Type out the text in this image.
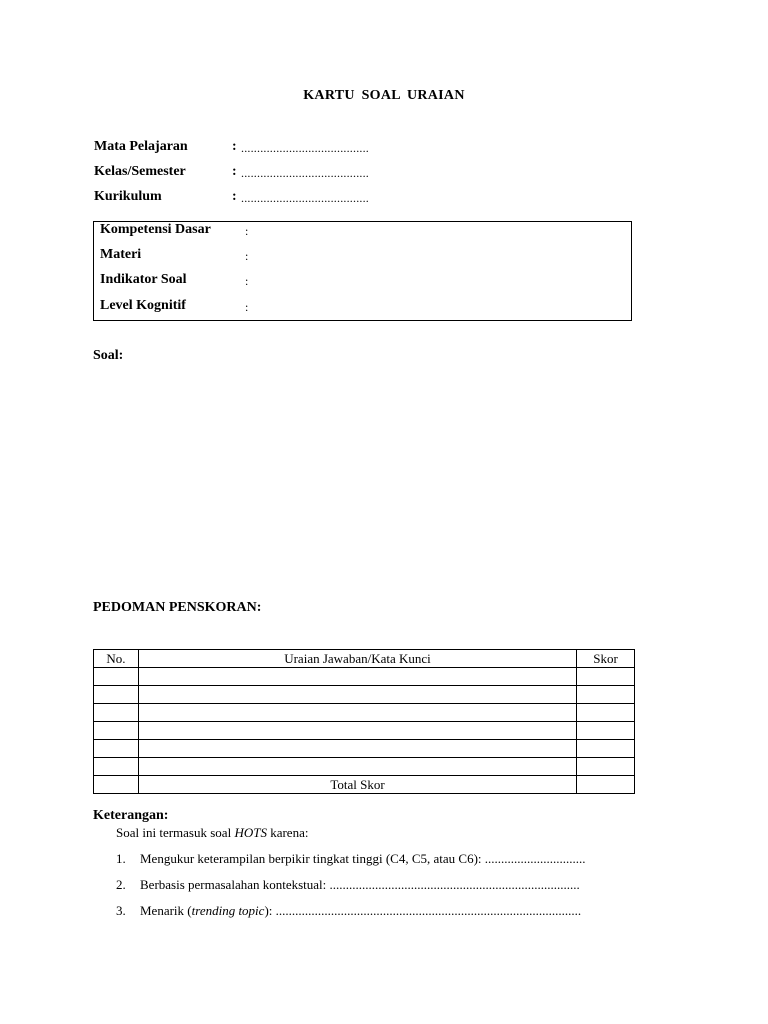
KARTU SOAL URAIAN
Mata Pelajaran	: ........................................
Kelas/Semester	: ........................................
Kurikulum	: ........................................
Kompetensi Dasar	:
Materi	:
Indikator Soal	:
Level Kognitif	:
Soal:
PEDOMAN PENSKORAN:
No.	Uraian Jawaban/Kata Kunci	Skor

	Total Skor	
Keterangan:
Soal ini termasuk soal HOTS karena:
1. Mengukur keterampilan berpikir tingkat tinggi (C4, C5, atau C6): ...............................
2. Berbasis permasalahan kontekstual: .............................................................................
3. Menarik (trending topic): ..............................................................................................
